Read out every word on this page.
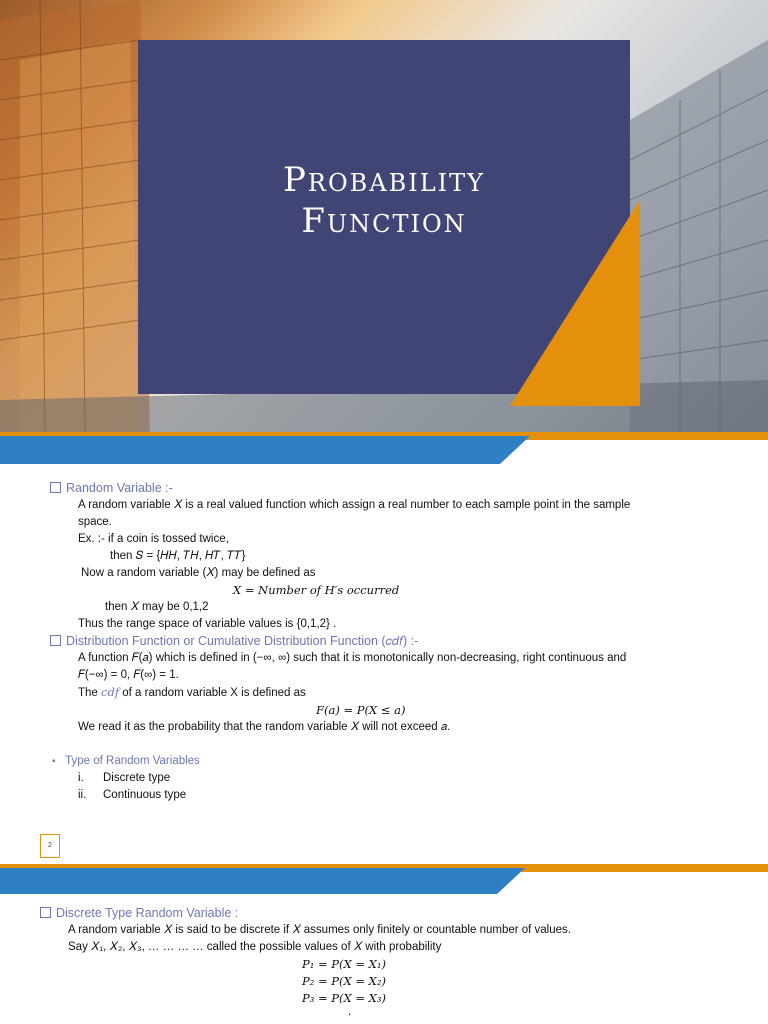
Probability
Function
Random Variable :-
A random variable 𝑋 is a real valued function which assign a real number to each sample point in the sample
space.
Ex. :- if a coin is tossed twice,
then 𝑆 = {𝐻𝐻, 𝑇𝐻, 𝐻𝑇, 𝑇𝑇}
Now a random variable (𝑋) may be defined as
𝑋 = 𝑁𝑢𝑚𝑏𝑒𝑟 𝑜𝑓 𝐻′𝑠 𝑜𝑐𝑐𝑢𝑟𝑟𝑒𝑑
then 𝑋 may be 0,1,2
Thus the range space of variable values is {0,1,2} .
Distribution Function or Cumulative Distribution Function (𝑐𝑑𝑓) :-
A function 𝐹(𝑎) which is defined in (−∞, ∞) such that it is monotonically non-decreasing, right continuous and
𝐹(−∞) = 0, 𝐹(∞) = 1.
The 𝑐𝑑𝑓 of a random variable X is defined as
𝐹(𝑎) = 𝑃(𝑋 ≤ 𝑎)
We read it as the probability that the random variable 𝑋 will not exceed 𝑎.
▪ Type of Random Variables
i. Discrete type
ii. Continuous type
2
Discrete Type Random Variable :
A random variable 𝑋 is said to be discrete if 𝑋 assumes only finitely or countable number of values.
Say 𝑋₁, 𝑋₂, 𝑋₃, … … … … called the possible values of 𝑋 with probability
𝑃₁ = 𝑃(𝑋 = 𝑋₁)
𝑃₂ = 𝑃(𝑋 = 𝑋₂)
𝑃₃ = 𝑃(𝑋 = 𝑋₃)
.
